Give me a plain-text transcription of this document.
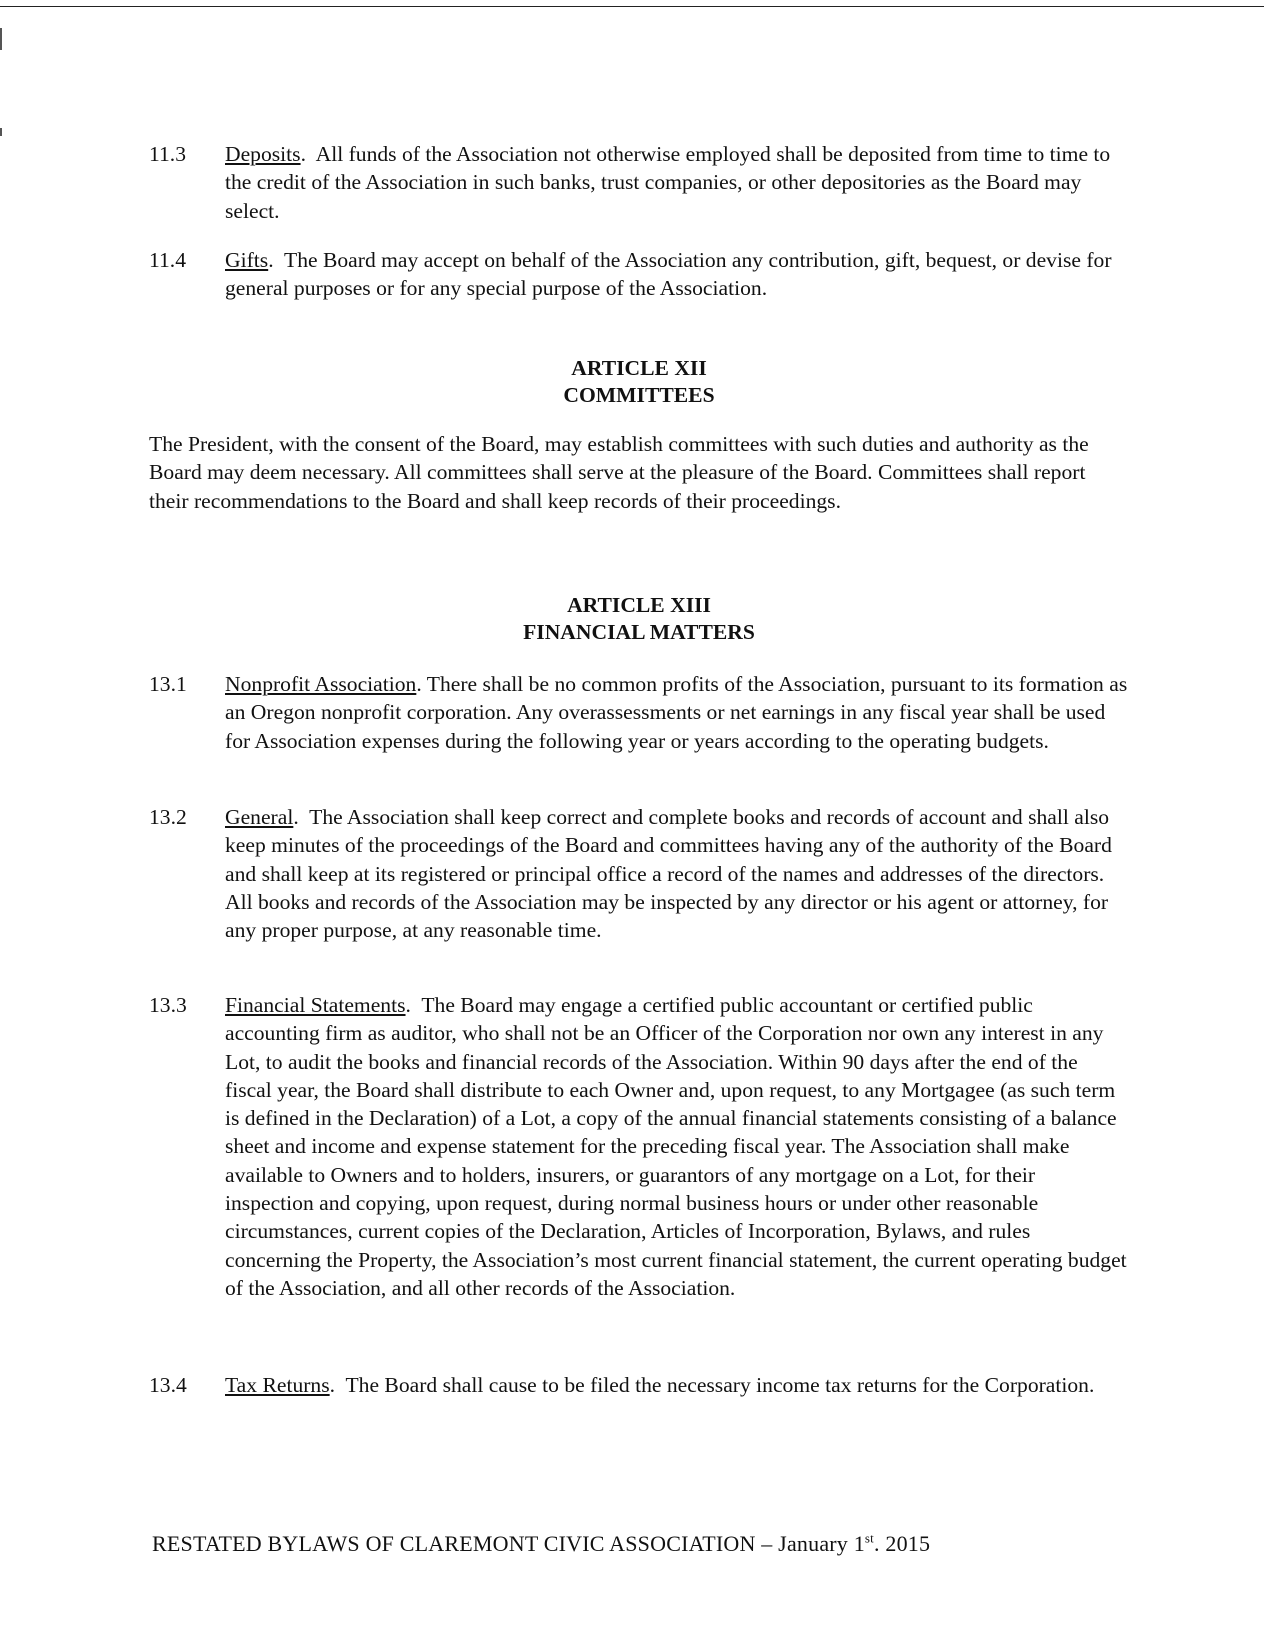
11.3	Deposits.  All funds of the Association not otherwise employed shall be deposited from time to time to the credit of the Association in such banks, trust companies, or other depositories as the Board may select.
11.4	Gifts.  The Board may accept on behalf of the Association any contribution, gift, bequest, or devise for general purposes or for any special purpose of the Association.
ARTICLE XII
COMMITTEES
The President, with the consent of the Board, may establish committees with such duties and authority as the Board may deem necessary. All committees shall serve at the pleasure of the Board. Committees shall report their recommendations to the Board and shall keep records of their proceedings.
ARTICLE XIII
FINANCIAL MATTERS
13.1	Nonprofit Association. There shall be no common profits of the Association, pursuant to its formation as an Oregon nonprofit corporation. Any overassessments or net earnings in any fiscal year shall be used for Association expenses during the following year or years according to the operating budgets.
13.2	General.  The Association shall keep correct and complete books and records of account and shall also keep minutes of the proceedings of the Board and committees having any of the authority of the Board and shall keep at its registered or principal office a record of the names and addresses of the directors. All books and records of the Association may be inspected by any director or his agent or attorney, for any proper purpose, at any reasonable time.
13.3	Financial Statements.  The Board may engage a certified public accountant or certified public accounting firm as auditor, who shall not be an Officer of the Corporation nor own any interest in any Lot, to audit the books and financial records of the Association. Within 90 days after the end of the fiscal year, the Board shall distribute to each Owner and, upon request, to any Mortgagee (as such term is defined in the Declaration) of a Lot, a copy of the annual financial statements consisting of a balance sheet and income and expense statement for the preceding fiscal year. The Association shall make available to Owners and to holders, insurers, or guarantors of any mortgage on a Lot, for their inspection and copying, upon request, during normal business hours or under other reasonable circumstances, current copies of the Declaration, Articles of Incorporation, Bylaws, and rules concerning the Property, the Association’s most current financial statement, the current operating budget of the Association, and all other records of the Association.
13.4	Tax Returns.  The Board shall cause to be filed the necessary income tax returns for the Corporation.
RESTATED BYLAWS OF CLAREMONT CIVIC ASSOCIATION – January 1st. 2015
